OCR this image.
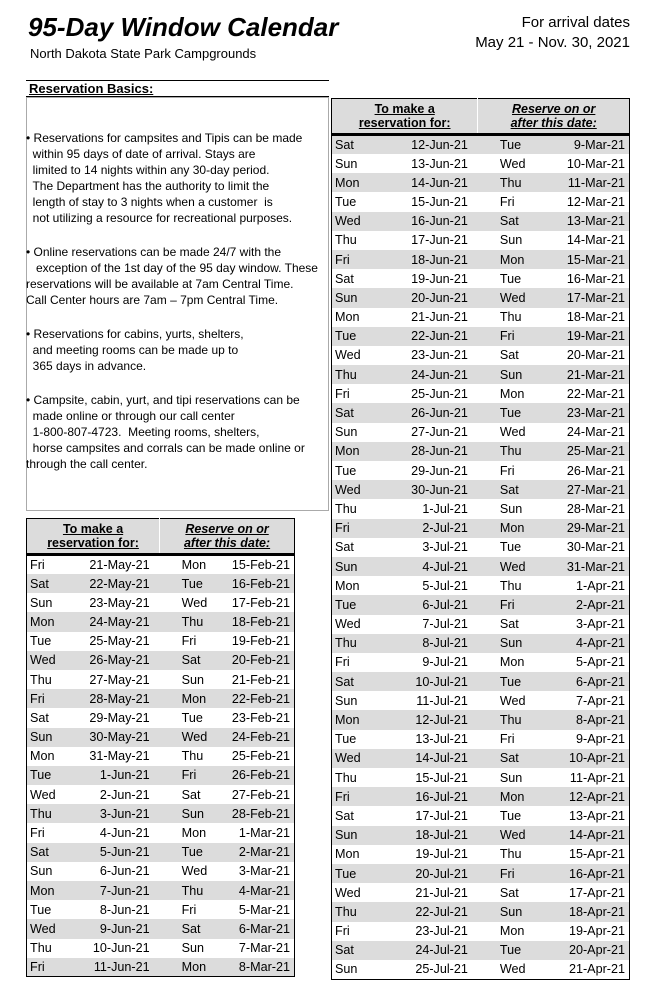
95-Day Window Calendar
North Dakota State Park Campgrounds
For arrival dates
May 21 - Nov. 30, 2021
Reservation Basics:

• Reservations for campsites and Tipis can be made
within 95 days of date of arrival. Stays are
limited to 14 nights within any 30-day period.
The Department has the authority to limit the
length of stay to 3 nights when a customer  is
not utilizing a resource for recreational purposes.

• Online reservations can be made 24/7 with the
exception of the 1st day of the 95 day window. These
reservations will be available at 7am Central Time.
Call Center hours are 7am – 7pm Central Time.

• Reservations for cabins, yurts, shelters,
and meeting rooms can be made up to
365 days in advance.

• Campsite, cabin, yurt, and tipi reservations can be
made online or through our call center
1-800-807-4723.  Meeting rooms, shelters,
horse campsites and corrals can be made online or
through the call center.

To make a
reservation for:		Reserve on or
after this date:	
Fri	21-May-21	Mon	15-Feb-21
Sat	22-May-21	Tue	16-Feb-21
Sun	23-May-21	Wed	17-Feb-21
Mon	24-May-21	Thu	18-Feb-21
Tue	25-May-21	Fri	19-Feb-21
Wed	26-May-21	Sat	20-Feb-21
Thu	27-May-21	Sun	21-Feb-21
Fri	28-May-21	Mon	22-Feb-21
Sat	29-May-21	Tue	23-Feb-21
Sun	30-May-21	Wed	24-Feb-21
Mon	31-May-21	Thu	25-Feb-21
Tue	1-Jun-21	Fri	26-Feb-21
Wed	2-Jun-21	Sat	27-Feb-21
Thu	3-Jun-21	Sun	28-Feb-21
Fri	4-Jun-21	Mon	1-Mar-21
Sat	5-Jun-21	Tue	2-Mar-21
Sun	6-Jun-21	Wed	3-Mar-21
Mon	7-Jun-21	Thu	4-Mar-21
Tue	8-Jun-21	Fri	5-Mar-21
Wed	9-Jun-21	Sat	6-Mar-21
Thu	10-Jun-21	Sun	7-Mar-21
Fri	11-Jun-21	Mon	8-Mar-21
To make a
reservation for:		Reserve on or
after this date:	
Sat	12-Jun-21	Tue	9-Mar-21
Sun	13-Jun-21	Wed	10-Mar-21
Mon	14-Jun-21	Thu	11-Mar-21
Tue	15-Jun-21	Fri	12-Mar-21
Wed	16-Jun-21	Sat	13-Mar-21
Thu	17-Jun-21	Sun	14-Mar-21
Fri	18-Jun-21	Mon	15-Mar-21
Sat	19-Jun-21	Tue	16-Mar-21
Sun	20-Jun-21	Wed	17-Mar-21
Mon	21-Jun-21	Thu	18-Mar-21
Tue	22-Jun-21	Fri	19-Mar-21
Wed	23-Jun-21	Sat	20-Mar-21
Thu	24-Jun-21	Sun	21-Mar-21
Fri	25-Jun-21	Mon	22-Mar-21
Sat	26-Jun-21	Tue	23-Mar-21
Sun	27-Jun-21	Wed	24-Mar-21
Mon	28-Jun-21	Thu	25-Mar-21
Tue	29-Jun-21	Fri	26-Mar-21
Wed	30-Jun-21	Sat	27-Mar-21
Thu	1-Jul-21	Sun	28-Mar-21
Fri	2-Jul-21	Mon	29-Mar-21
Sat	3-Jul-21	Tue	30-Mar-21
Sun	4-Jul-21	Wed	31-Mar-21
Mon	5-Jul-21	Thu	1-Apr-21
Tue	6-Jul-21	Fri	2-Apr-21
Wed	7-Jul-21	Sat	3-Apr-21
Thu	8-Jul-21	Sun	4-Apr-21
Fri	9-Jul-21	Mon	5-Apr-21
Sat	10-Jul-21	Tue	6-Apr-21
Sun	11-Jul-21	Wed	7-Apr-21
Mon	12-Jul-21	Thu	8-Apr-21
Tue	13-Jul-21	Fri	9-Apr-21
Wed	14-Jul-21	Sat	10-Apr-21
Thu	15-Jul-21	Sun	11-Apr-21
Fri	16-Jul-21	Mon	12-Apr-21
Sat	17-Jul-21	Tue	13-Apr-21
Sun	18-Jul-21	Wed	14-Apr-21
Mon	19-Jul-21	Thu	15-Apr-21
Tue	20-Jul-21	Fri	16-Apr-21
Wed	21-Jul-21	Sat	17-Apr-21
Thu	22-Jul-21	Sun	18-Apr-21
Fri	23-Jul-21	Mon	19-Apr-21
Sat	24-Jul-21	Tue	20-Apr-21
Sun	25-Jul-21	Wed	21-Apr-21
